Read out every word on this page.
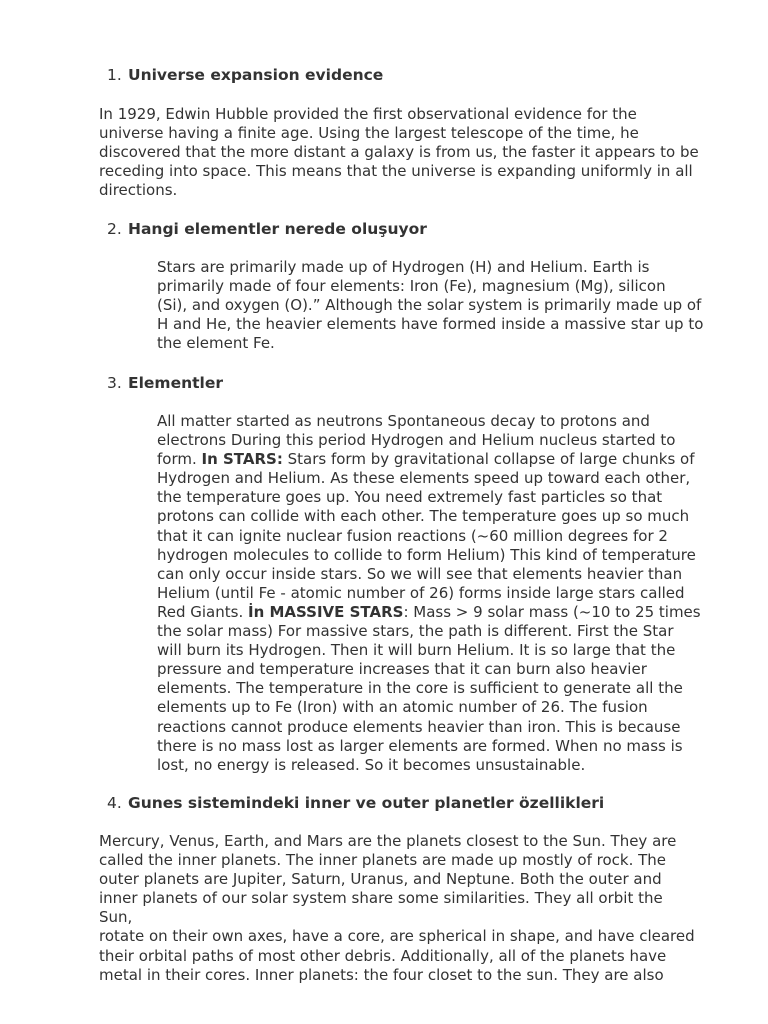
1. Universe expansion evidence

In 1929, Edwin Hubble provided the first observational evidence for the
universe having a finite age. Using the largest telescope of the time, he
discovered that the more distant a galaxy is from us, the faster it appears to be
receding into space. This means that the universe is expanding uniformly in all
directions.

2. Hangi elementler nerede oluşuyor

Stars are primarily made up of Hydrogen (H) and Helium. Earth is
primarily made of four elements: Iron (Fe), magnesium (Mg), silicon
(Si), and oxygen (O).” Although the solar system is primarily made up of
H and He, the heavier elements have formed inside a massive star up to
the element Fe.

3. Elementler

All matter started as neutrons Spontaneous decay to protons and
electrons During this period Hydrogen and Helium nucleus started to
form. In STARS: Stars form by gravitational collapse of large chunks of
Hydrogen and Helium. As these elements speed up toward each other,
the temperature goes up. You need extremely fast particles so that
protons can collide with each other. The temperature goes up so much
that it can ignite nuclear fusion reactions (~60 million degrees for 2
hydrogen molecules to collide to form Helium) This kind of temperature
can only occur inside stars. So we will see that elements heavier than
Helium (until Fe - atomic number of 26) forms inside large stars called
Red Giants. İn MASSIVE STARS: Mass > 9 solar mass (~10 to 25 times
the solar mass) For massive stars, the path is different. First the Star
will burn its Hydrogen. Then it will burn Helium. It is so large that the
pressure and temperature increases that it can burn also heavier
elements. The temperature in the core is sufficient to generate all the
elements up to Fe (Iron) with an atomic number of 26. The fusion
reactions cannot produce elements heavier than iron. This is because
there is no mass lost as larger elements are formed. When no mass is
lost, no energy is released. So it becomes unsustainable.

4. Gunes sistemindeki inner ve outer planetler özellikleri

Mercury, Venus, Earth, and Mars are the planets closest to the Sun. They are
called the inner planets. The inner planets are made up mostly of rock. The
outer planets are Jupiter, Saturn, Uranus, and Neptune. Both the outer and
inner planets of our solar system share some similarities. They all orbit the Sun,
rotate on their own axes, have a core, are spherical in shape, and have cleared
their orbital paths of most other debris. Additionally, all of the planets have
metal in their cores. Inner planets: the four closet to the sun. They are also
